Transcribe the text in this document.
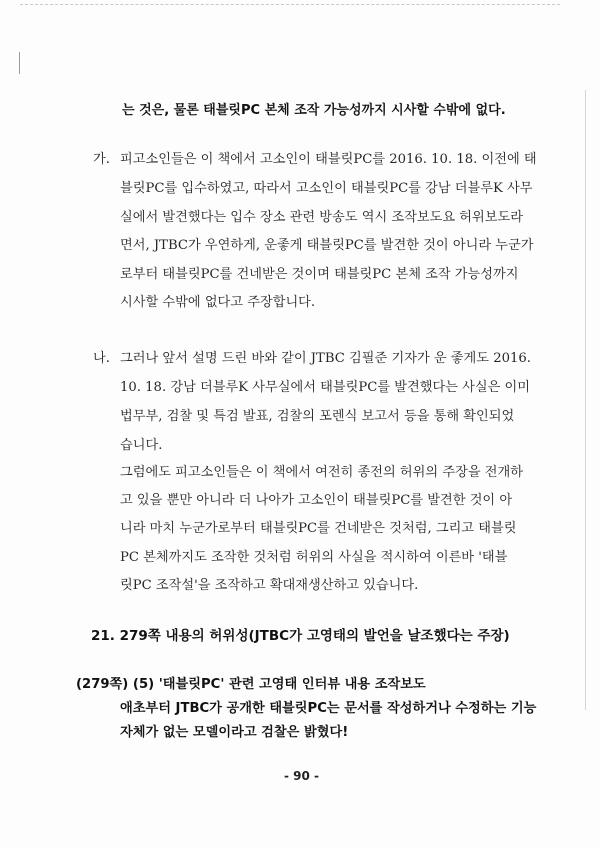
는 것은, 물론 태블릿PC 본체 조작 가능성까지 시사할 수밖에 없다.
가. 피고소인들은 이 책에서 고소인이 태블릿PC를 2016. 10. 18. 이전에 태
블릿PC를 입수하였고, 따라서 고소인이 태블릿PC를 강남 더블루K 사무
실에서 발견했다는 입수 장소 관련 방송도 역시 조작보도요 허위보도라
면서, JTBC가 우연하게, 운좋게 태블릿PC를 발견한 것이 아니라 누군가
로부터 태블릿PC를 건네받은 것이며 태블릿PC 본체 조작 가능성까지
시사할 수밖에 없다고 주장합니다.
나. 그러나 앞서 설명 드린 바와 같이 JTBC 김필준 기자가 운 좋게도 2016.
10. 18. 강남 더블루K 사무실에서 태블릿PC를 발견했다는 사실은 이미
법무부, 검찰 및 특검 발표, 검찰의 포렌식 보고서 등을 통해 확인되었
습니다.
그럼에도 피고소인들은 이 책에서 여전히 종전의 허위의 주장을 전개하
고 있을 뿐만 아니라 더 나아가 고소인이 태블릿PC를 발견한 것이 아
니라 마치 누군가로부터 태블릿PC를 건네받은 것처럼, 그리고 태블릿
PC 본체까지도 조작한 것처럼 허위의 사실을 적시하여 이른바 '태블
릿PC 조작설'을 조작하고 확대재생산하고 있습니다.
21. 279쪽 내용의 허위성(JTBC가 고영태의 발언을 날조했다는 주장)
(279쪽) (5) '태블릿PC' 관련 고영태 인터뷰 내용 조작보도
애초부터 JTBC가 공개한 태블릿PC는 문서를 작성하거나 수정하는 기능
자체가 없는 모델이라고 검찰은 밝혔다!
- 90 -
